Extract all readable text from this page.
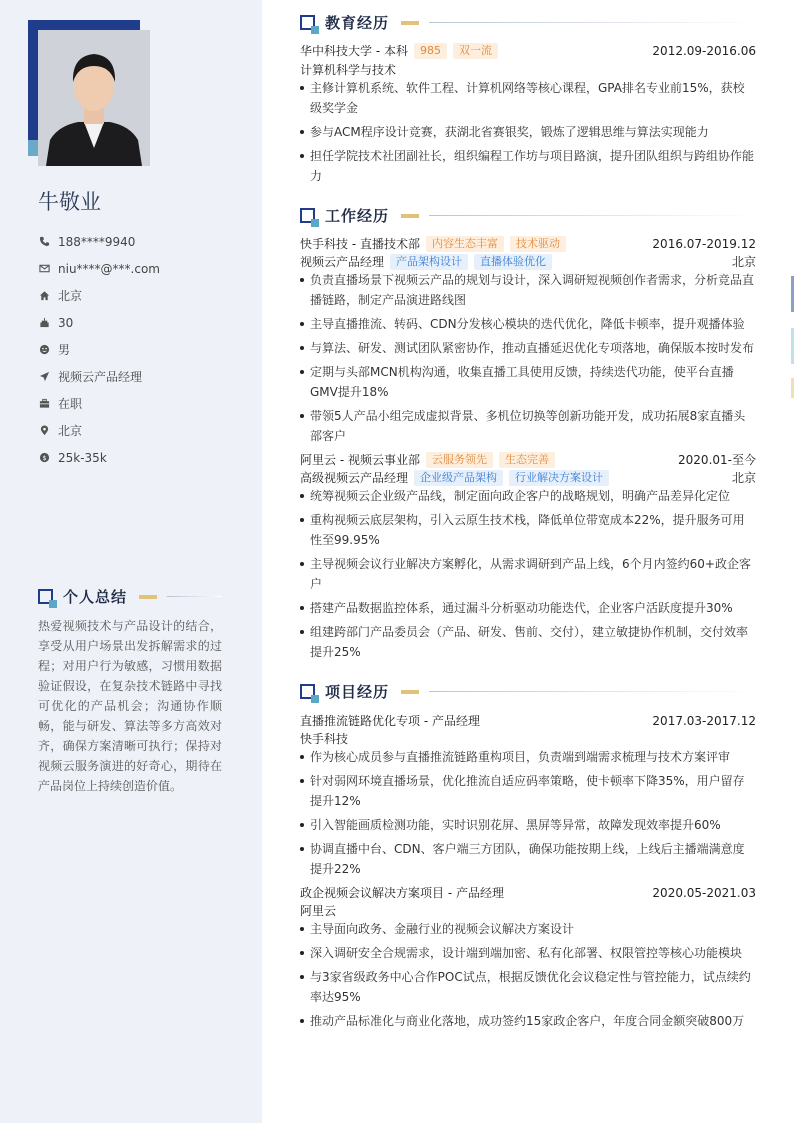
牛敬业
188****9940
niu****@***.com
北京
30
男
视频云产品经理
在职
北京
$ 25k-35k
个人总结

热爱视频技术与产品设计的结合，享受从用户场景出发拆解需求的过程；对用户行为敏感，习惯用数据验证假设，在复杂技术链路中寻找可优化的产品机会；沟通协作顺畅，能与研发、算法等多方高效对齐，确保方案清晰可执行；保持对视频云服务演进的好奇心，期待在产品岗位上持续创造价值。

教育经历
华中科技大学 - 本科	985	双一流	2012.09-2016.06
计算机科学与技术
主修计算机系统、软件工程、计算机网络等核心课程，GPA排名专业前15%，获校级奖学金
参与ACM程序设计竞赛，获湖北省赛银奖，锻炼了逻辑思维与算法实现能力
担任学院技术社团副社长，组织编程工作坊与项目路演，提升团队组织与跨组协作能力
工作经历
快手科技 - 直播技术部	内容生态丰富	技术驱动	2016.07-2019.12
视频云产品经理	产品架构设计	直播体验优化	北京
负责直播场景下视频云产品的规划与设计，深入调研短视频创作者需求，分析竞品直播链路，制定产品演进路线图
主导直播推流、转码、CDN分发核心模块的迭代优化，降低卡顿率，提升观播体验
与算法、研发、测试团队紧密协作，推动直播延迟优化专项落地，确保版本按时发布
定期与头部MCN机构沟通，收集直播工具使用反馈，持续迭代功能，使平台直播GMV提升18%
带领5人产品小组完成虚拟背景、多机位切换等创新功能开发，成功拓展8家直播头部客户
阿里云 - 视频云事业部	云服务领先	生态完善	2020.01-至今
高级视频云产品经理	企业级产品架构	行业解决方案设计	北京
统筹视频云企业级产品线，制定面向政企客户的战略规划，明确产品差异化定位
重构视频云底层架构，引入云原生技术栈，降低单位带宽成本22%，提升服务可用性至99.95%
主导视频会议行业解决方案孵化，从需求调研到产品上线，6个月内签约60+政企客户
搭建产品数据监控体系，通过漏斗分析驱动功能迭代，企业客户活跃度提升30%
组建跨部门产品委员会（产品、研发、售前、交付），建立敏捷协作机制，交付效率提升25%
项目经历
直播推流链路优化专项 - 产品经理	2017.03-2017.12
快手科技
作为核心成员参与直播推流链路重构项目，负责端到端需求梳理与技术方案评审
针对弱网环境直播场景，优化推流自适应码率策略，使卡顿率下降35%，用户留存提升12%
引入智能画质检测功能，实时识别花屏、黑屏等异常，故障发现效率提升60%
协调直播中台、CDN、客户端三方团队，确保功能按期上线，上线后主播端满意度提升22%
政企视频会议解决方案项目 - 产品经理	2020.05-2021.03
阿里云
主导面向政务、金融行业的视频会议解决方案设计
深入调研安全合规需求，设计端到端加密、私有化部署、权限管控等核心功能模块
与3家省级政务中心合作POC试点，根据反馈优化会议稳定性与管控能力，试点续约率达95%
推动产品标准化与商业化落地，成功签约15家政企客户，年度合同金额突破800万
